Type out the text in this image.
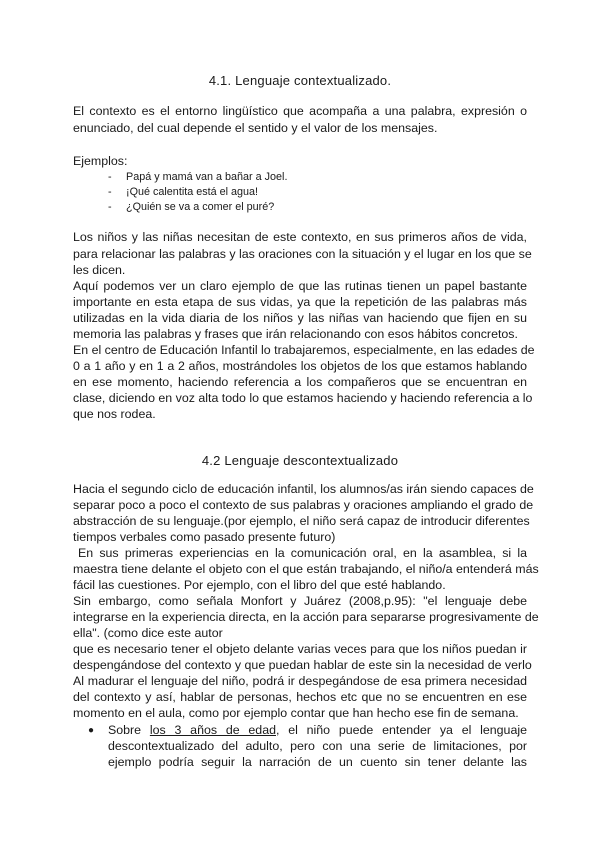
4.1. Lenguaje contextualizado.
El contexto es el entorno lingüístico que acompaña a una palabra, expresión o
enunciado, del cual depende el sentido y el valor de los mensajes.
Ejemplos:
- Papá y mamá van a bañar a Joel.
- ¡Qué calentita está el agua!
- ¿Quién se va a comer el puré?
Los niños y las niñas necesitan de este contexto, en sus primeros años de vida,
para relacionar las palabras y las oraciones con la situación y el lugar en los que se
les dicen.
Aquí podemos ver un claro ejemplo de que las rutinas tienen un papel bastante
importante en esta etapa de sus vidas, ya que la repetición de las palabras más
utilizadas en la vida diaria de los niños y las niñas van haciendo que fijen en su
memoria las palabras y frases que irán relacionando con esos hábitos concretos.
En el centro de Educación Infantil lo trabajaremos, especialmente, en las edades de
0 a 1 año y en 1 a 2 años, mostrándoles los objetos de los que estamos hablando
en ese momento, haciendo referencia a los compañeros que se encuentran en
clase, diciendo en voz alta todo lo que estamos haciendo y haciendo referencia a lo
que nos rodea.
4.2 Lenguaje descontextualizado
Hacia el segundo ciclo de educación infantil, los alumnos/as irán siendo capaces de
separar poco a poco el contexto de sus palabras y oraciones ampliando el grado de
abstracción de su lenguaje.(por ejemplo, el niño será capaz de introducir diferentes
tiempos verbales como pasado presente futuro)
En sus primeras experiencias en la comunicación oral, en la asamblea, si la
maestra tiene delante el objeto con el que están trabajando, el niño/a entenderá más
fácil las cuestiones. Por ejemplo, con el libro del que esté hablando.
Sin embargo, como señala Monfort y Juárez (2008,p.95): "el lenguaje debe
integrarse en la experiencia directa, en la acción para separarse progresivamente de
ella". (como dice este autor
que es necesario tener el objeto delante varias veces para que los niños puedan ir
despengándose del contexto y que puedan hablar de este sin la necesidad de verlo
Al madurar el lenguaje del niño, podrá ir despegándose de esa primera necesidad
del contexto y así, hablar de personas, hechos etc que no se encuentren en ese
momento en el aula, como por ejemplo contar que han hecho ese fin de semana.
● Sobre los 3 años de edad, el niño puede entender ya el lenguaje
descontextualizado del adulto, pero con una serie de limitaciones, por
ejemplo podría seguir la narración de un cuento sin tener delante las
